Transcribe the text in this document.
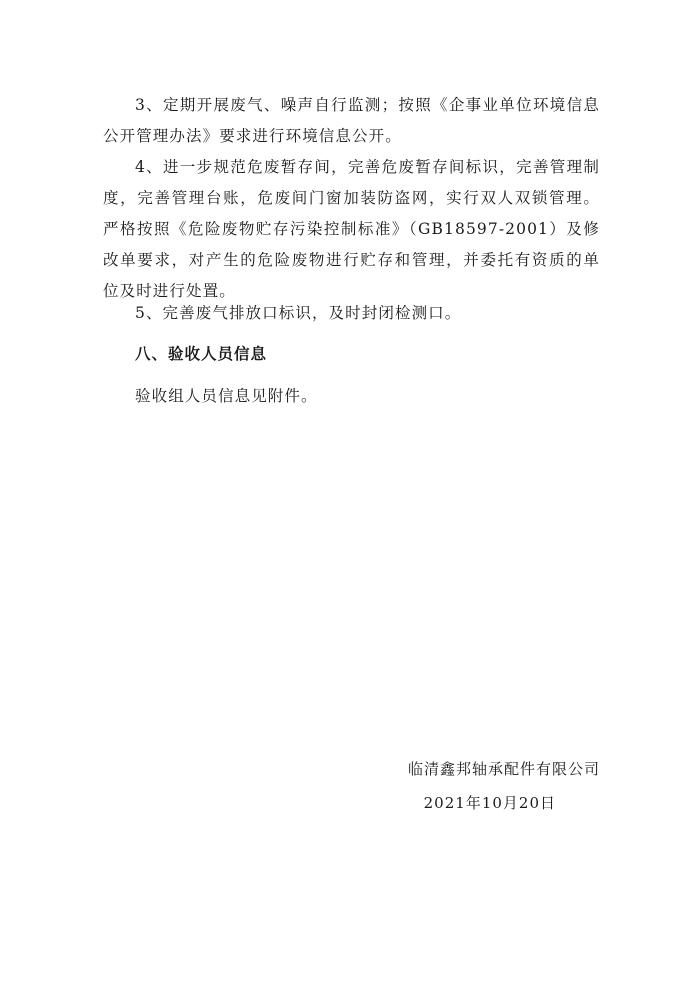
3、定期开展废气、噪声自行监测；按照《企事业单位环境信息公开管理办法》要求进行环境信息公开。

4、进一步规范危废暂存间，完善危废暂存间标识，完善管理制度，完善管理台账，危废间门窗加装防盗网，实行双人双锁管理。严格按照《危险废物贮存污染控制标准》（GB18597-2001）及修改单要求，对产生的危险废物进行贮存和管理，并委托有资质的单位及时进行处置。

5、完善废气排放口标识，及时封闭检测口。

八、验收人员信息

验收组人员信息见附件。

临清鑫邦轴承配件有限公司
2021年10月20日
